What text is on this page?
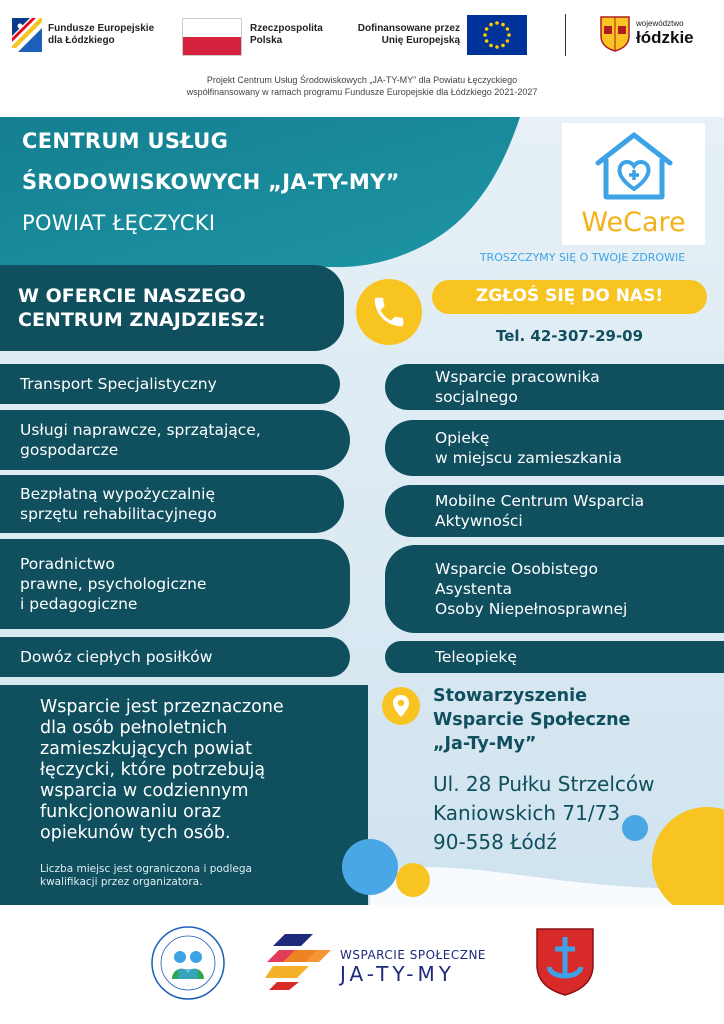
Fundusze Europejskie
dla Łódzkiego
Rzeczpospolita
Polska
Dofinansowane przez
Unię Europejską
województwo
łódzkie
Projekt Centrum Usług Środowiskowych „JA-TY-MY” dla Powiatu Łęczyckiego
współfinansowany w ramach programu Fundusze Europejskie dla Łódzkiego 2021-2027
CENTRUM USŁUG
ŚRODOWISKOWYCH „JA-TY-MY”
POWIAT ŁĘCZYCKI	WeCare
TROSZCZYMY SIĘ O TWOJE ZDROWIE
W OFERCIE NASZEGO
CENTRUM ZNAJDZIESZ:
ZGŁOŚ SIĘ DO NAS!
Tel. 42-307-29-09
Transport Specjalistyczny
Usługi naprawcze, sprzątające,
gospodarcze
Bezpłatną wypożyczalnię
sprzętu rehabilitacyjnego
Poradnictwo
prawne, psychologiczne
i pedagogiczne
Dowóz ciepłych posiłków
Wsparcie pracownika
socjalnego
Opiekę
w miejscu zamieszkania
Mobilne Centrum Wsparcia
Aktywności
Wsparcie Osobistego
Asystenta
Osoby Niepełnosprawnej
Teleopiekę
Wsparcie jest przeznaczone
dla osób pełnoletnich
zamieszkujących powiat
łęczycki, które potrzebują
wsparcia w codziennym
funkcjonowaniu oraz
opiekunów tych osób.
Liczba miejsc jest ograniczona i podlega
kwalifikacji przez organizatora.
Stowarzyszenie
Wsparcie Społeczne
„Ja-Ty-My”
Ul. 28 Pułku Strzelców
Kaniowskich 71/73
90-558 Łódź
WSPARCIE SPOŁECZNE
JA-TY-MY
